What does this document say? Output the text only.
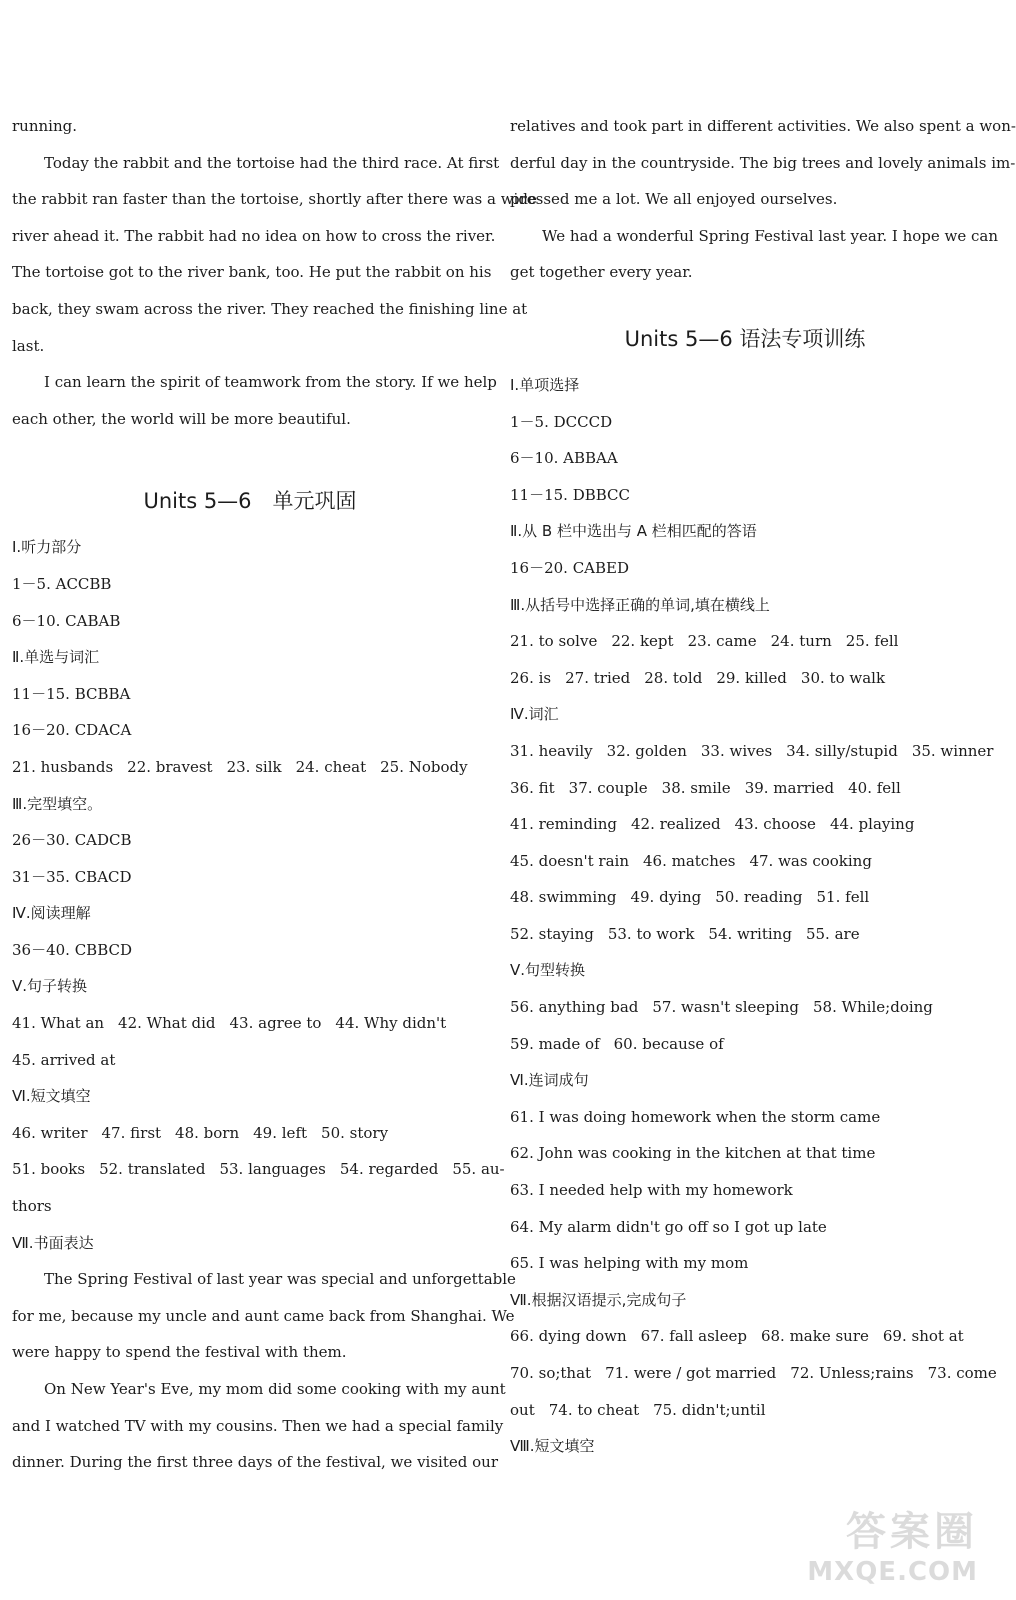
running.
Today the rabbit and the tortoise had the third race. At first
the rabbit ran faster than the tortoise, shortly after there was a wide
river ahead it. The rabbit had no idea on how to cross the river.
The tortoise got to the river bank, too. He put the rabbit on his
back, they swam across the river. They reached the finishing line at
last.
I can learn the spirit of teamwork from the story. If we help
each other, the world will be more beautiful.
Units 5—6　单元巩固
Ⅰ.听力部分
1－5. ACCBB
6－10. CABAB
Ⅱ.单选与词汇
11－15. BCBBA
16－20. CDACA
21. husbands 22. bravest 23. silk 24. cheat 25. Nobody
Ⅲ.完型填空。
26－30. CADCB
31－35. CBACD
Ⅳ.阅读理解
36－40. CBBCD
Ⅴ.句子转换
41. What an 42. What did 43. agree to 44. Why didn't
45. arrived at
Ⅵ.短文填空
46. writer 47. first 48. born 49. left 50. story
51. books 52. translated 53. languages 54. regarded 55. au-
thors
Ⅶ.书面表达
The Spring Festival of last year was special and unforgettable
for me, because my uncle and aunt came back from Shanghai. We
were happy to spend the festival with them.
On New Year's Eve, my mom did some cooking with my aunt
and I watched TV with my cousins. Then we had a special family
dinner. During the first three days of the festival, we visited our
relatives and took part in different activities. We also spent a won-
derful day in the countryside. The big trees and lovely animals im-
pressed me a lot. We all enjoyed ourselves.
We had a wonderful Spring Festival last year. I hope we can
get together every year.
Units 5—6 语法专项训练
Ⅰ.单项选择
1－5. DCCCD
6－10. ABBAA
11－15. DBBCC
Ⅱ.从 B 栏中选出与 A 栏相匹配的答语
16－20. CABED
Ⅲ.从括号中选择正确的单词,填在横线上
21. to solve 22. kept 23. came 24. turn 25. fell
26. is 27. tried 28. told 29. killed 30. to walk
Ⅳ.词汇
31. heavily 32. golden 33. wives 34. silly/stupid 35. winner
36. fit 37. couple 38. smile 39. married 40. fell
41. reminding 42. realized 43. choose 44. playing
45. doesn't rain 46. matches 47. was cooking
48. swimming 49. dying 50. reading 51. fell
52. staying 53. to work 54. writing 55. are
Ⅴ.句型转换
56. anything bad 57. wasn't sleeping 58. While;doing
59. made of 60. because of
Ⅵ.连词成句
61. I was doing homework when the storm came
62. John was cooking in the kitchen at that time
63. I needed help with my homework
64. My alarm didn't go off so I got up late
65. I was helping with my mom
Ⅶ.根据汉语提示,完成句子
66. dying down 67. fall asleep 68. make sure 69. shot at
70. so;that 71. were / got married 72. Unless;rains 73. come
out 74. to cheat 75. didn't;until
Ⅷ.短文填空
答案圈
MXQE.COM
